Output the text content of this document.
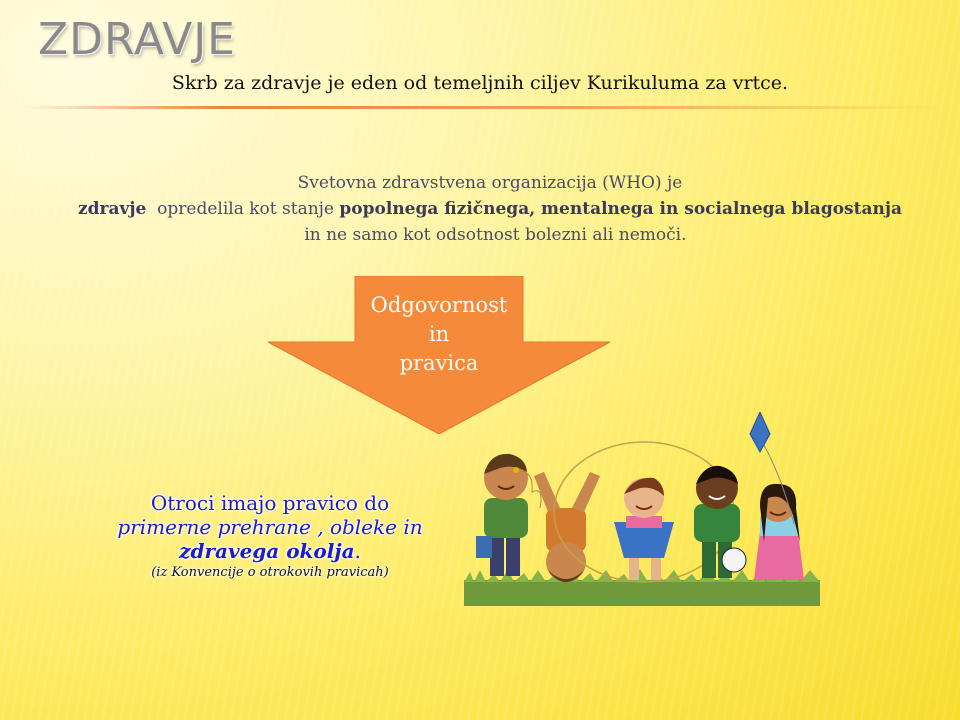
ZDRAVJE
Skrb za zdravje je eden od temeljnih ciljev Kurikuluma za vrtce.
Svetovna zdravstvena organizacija (WHO) je
zdravje  opredelila kot stanje popolnega fizičnega, mentalnega in socialnega blagostanja  in ne samo kot odsotnost bolezni ali nemoči.
Odgovornost
in
pravica
Otroci imajo pravico do
primerne prehrane , obleke in
zdravega okolja.
(iz Konvencije o otrokovih pravicah)
